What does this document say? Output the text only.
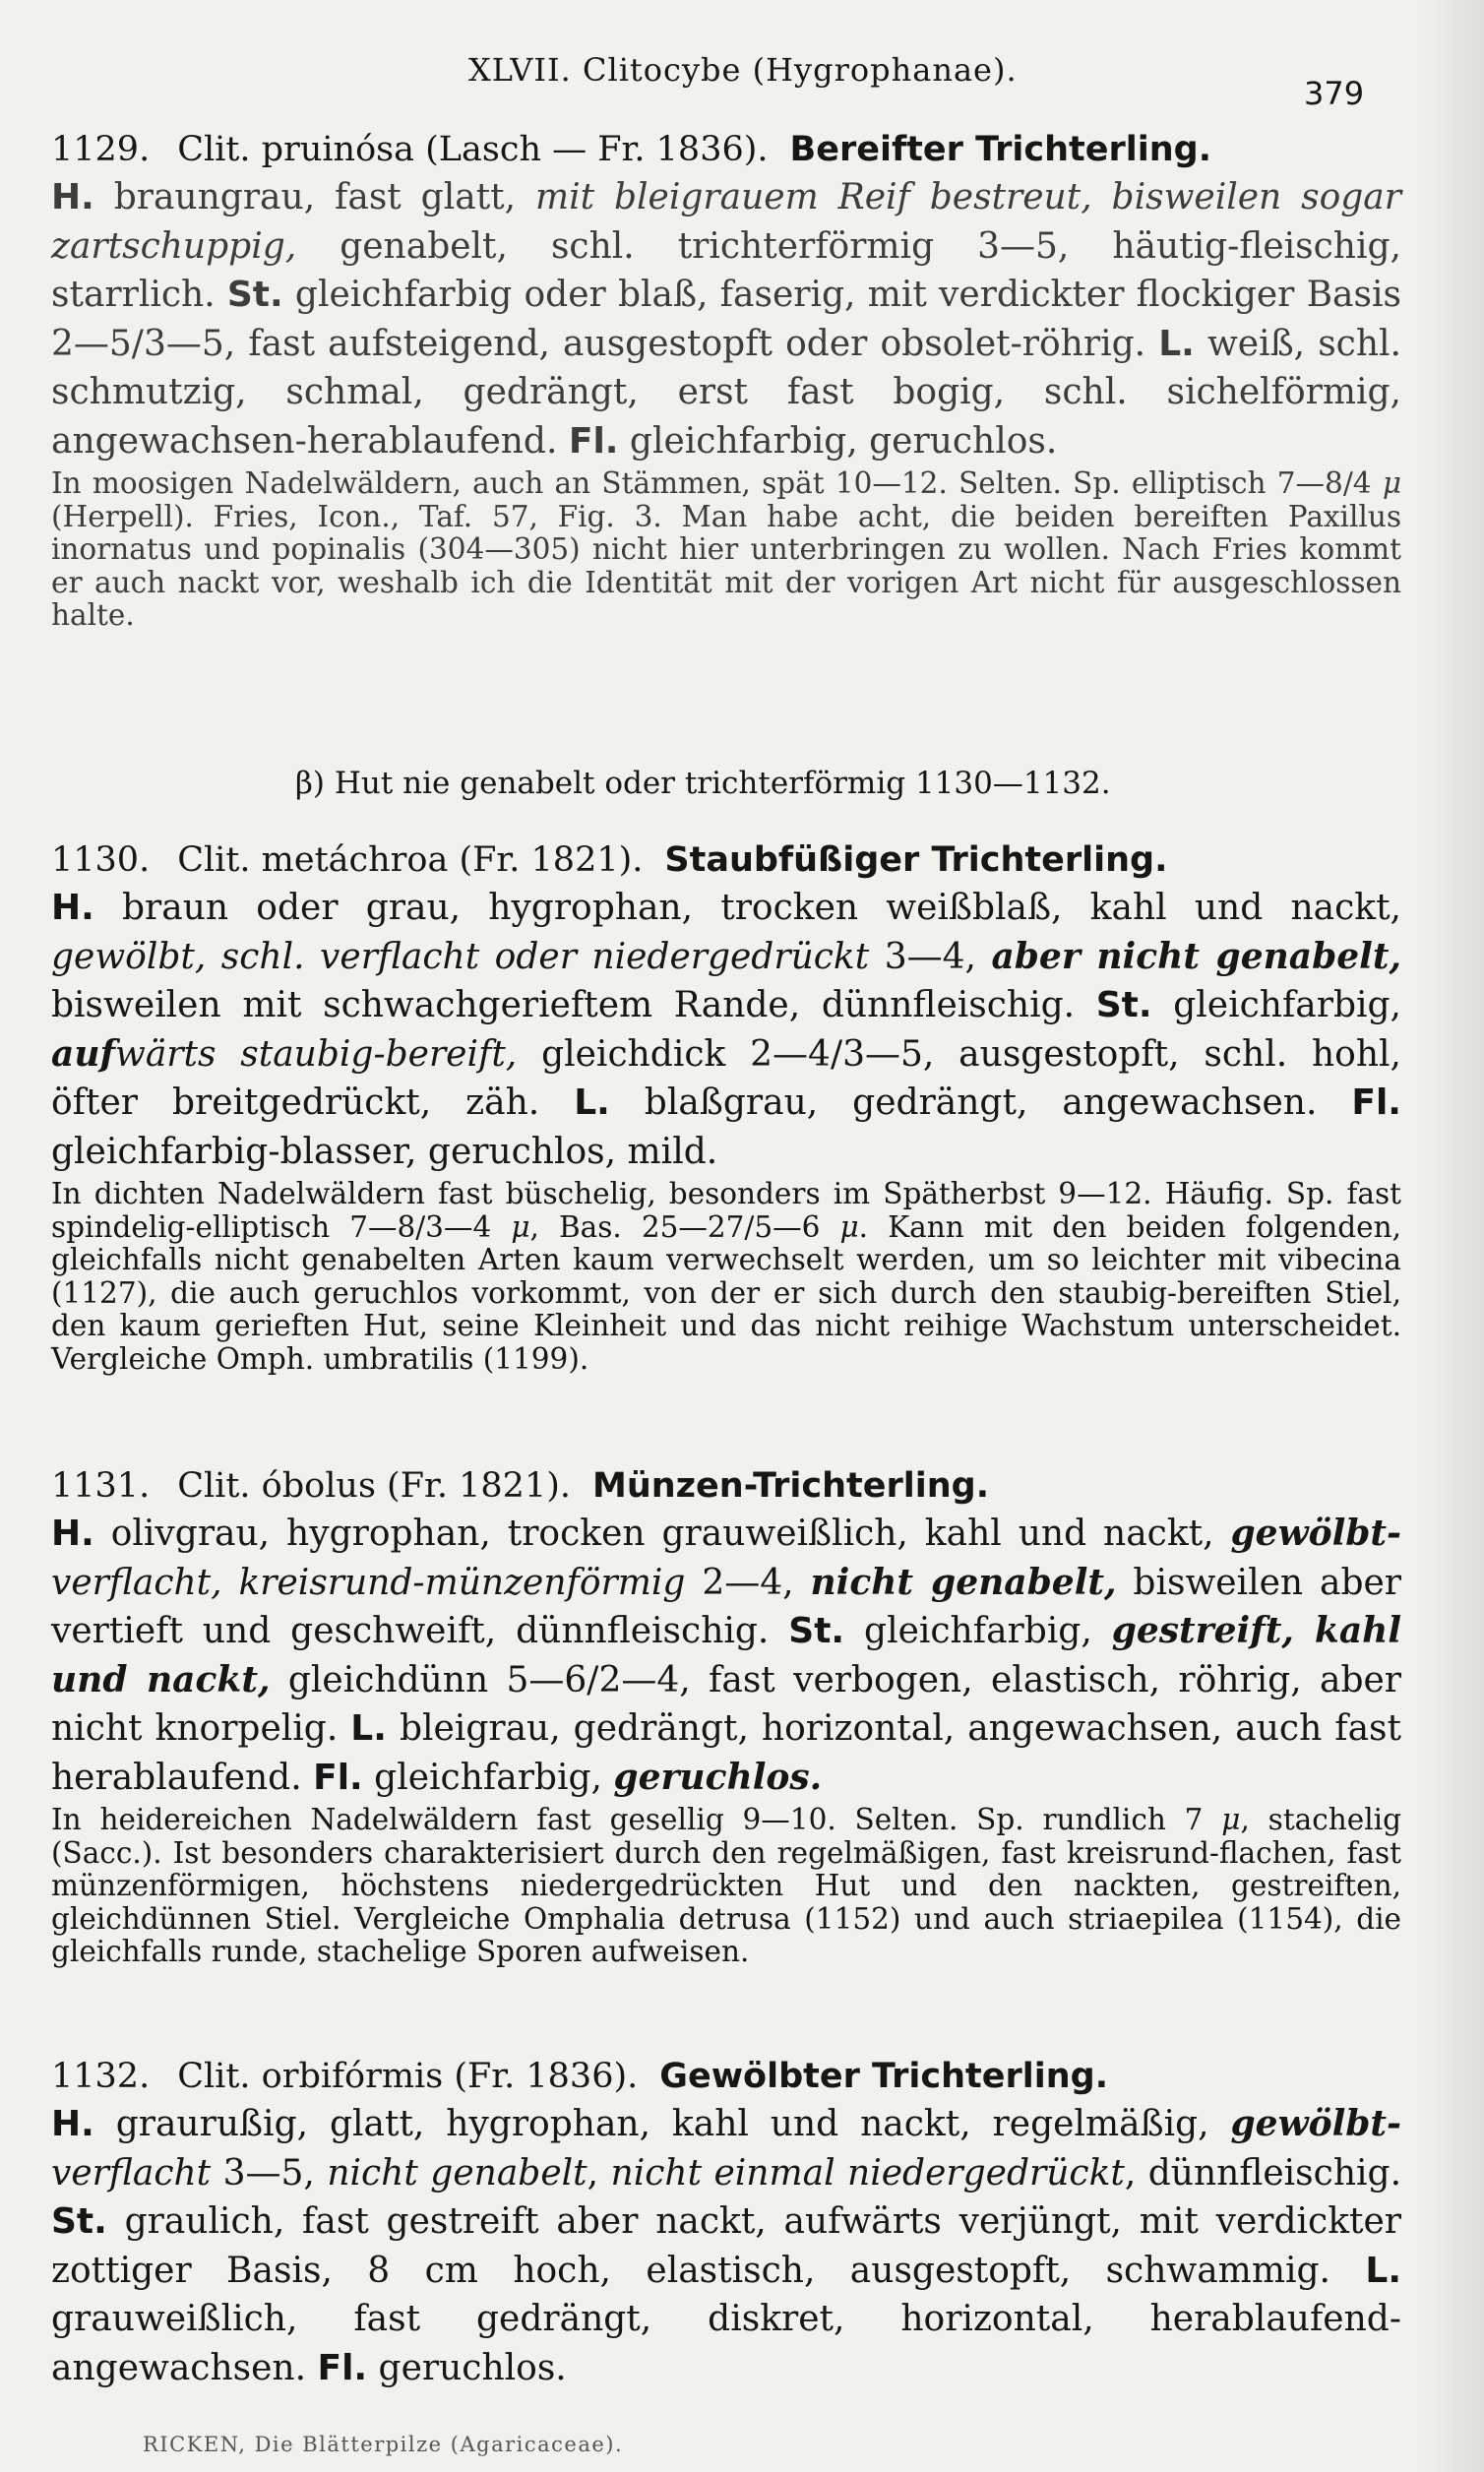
XLVII. Clitocybe (Hygrophanae).
379

1129. Clit. pruinósa (Lasch — Fr. 1836). Bereifter Trichterling.

H. braungrau, fast glatt, mit bleigrauem Reif bestreut, bisweilen sogar zartschuppig, genabelt, schl. trichterförmig 3—5, häutig-fleischig, starrlich. St. gleichfarbig oder blaß, faserig, mit verdickter flockiger Basis 2—5/3—5, fast aufsteigend, ausgestopft oder obsolet-röhrig. L. weiß, schl. schmutzig, schmal, gedrängt, erst fast bogig, schl. sichelförmig, angewachsen-herablaufend. Fl. gleichfarbig, geruchlos.

In moosigen Nadelwäldern, auch an Stämmen, spät 10—12. Selten. Sp. elliptisch 7—8/4 μ (Herpell). Fries, Icon., Taf. 57, Fig. 3. Man habe acht, die beiden bereiften Paxillus inornatus und popinalis (304—305) nicht hier unterbringen zu wollen. Nach Fries kommt er auch nackt vor, weshalb ich die Identität mit der vorigen Art nicht für ausgeschlossen halte.

β) Hut nie genabelt oder trichterförmig 1130—1132.

1130. Clit. metáchroa (Fr. 1821). Staubfüßiger Trichterling.

H. braun oder grau, hygrophan, trocken weißblaß, kahl und nackt, gewölbt, schl. verflacht oder niedergedrückt 3—4, aber nicht genabelt, bisweilen mit schwachgerieftem Rande, dünnfleischig. St. gleichfarbig, aufwärts staubig-bereift, gleichdick 2—4/3—5, ausgestopft, schl. hohl, öfter breitgedrückt, zäh. L. blaßgrau, gedrängt, angewachsen. Fl. gleichfarbig-blasser, geruchlos, mild.

In dichten Nadelwäldern fast büschelig, besonders im Spätherbst 9—12. Häufig. Sp. fast spindelig-elliptisch 7—8/3—4 μ, Bas. 25—27/5—6 μ. Kann mit den beiden folgenden, gleichfalls nicht genabelten Arten kaum verwechselt werden, um so leichter mit vibecina (1127), die auch geruchlos vorkommt, von der er sich durch den staubig-bereiften Stiel, den kaum gerieften Hut, seine Kleinheit und das nicht reihige Wachstum unterscheidet. Vergleiche Omph. umbratilis (1199).

1131. Clit. óbolus (Fr. 1821). Münzen-Trichterling.

H. olivgrau, hygrophan, trocken grauweißlich, kahl und nackt, gewölbt-verflacht, kreisrund-münzenförmig 2—4, nicht genabelt, bisweilen aber vertieft und geschweift, dünnfleischig. St. gleichfarbig, gestreift, kahl und nackt, gleichdünn 5—6/2—4, fast verbogen, elastisch, röhrig, aber nicht knorpelig. L. bleigrau, gedrängt, horizontal, angewachsen, auch fast herablaufend. Fl. gleichfarbig, geruchlos.

In heidereichen Nadelwäldern fast gesellig 9—10. Selten. Sp. rundlich 7 μ, stachelig (Sacc.). Ist besonders charakterisiert durch den regelmäßigen, fast kreisrund-flachen, fast münzenförmigen, höchstens niedergedrückten Hut und den nackten, gestreiften, gleichdünnen Stiel. Vergleiche Omphalia detrusa (1152) und auch striaepilea (1154), die gleichfalls runde, stachelige Sporen aufweisen.

1132. Clit. orbifórmis (Fr. 1836). Gewölbter Trichterling.

H. graurußig, glatt, hygrophan, kahl und nackt, regelmäßig, gewölbt-verflacht 3—5, nicht genabelt, nicht einmal niedergedrückt, dünnfleischig. St. graulich, fast gestreift aber nackt, aufwärts verjüngt, mit verdickter zottiger Basis, 8 cm hoch, elastisch, ausgestopft, schwammig. L. grauweißlich, fast gedrängt, diskret, horizontal, herablaufend-angewachsen. Fl. geruchlos.

RICKEN, Die Blätterpilze (Agaricaceae).
